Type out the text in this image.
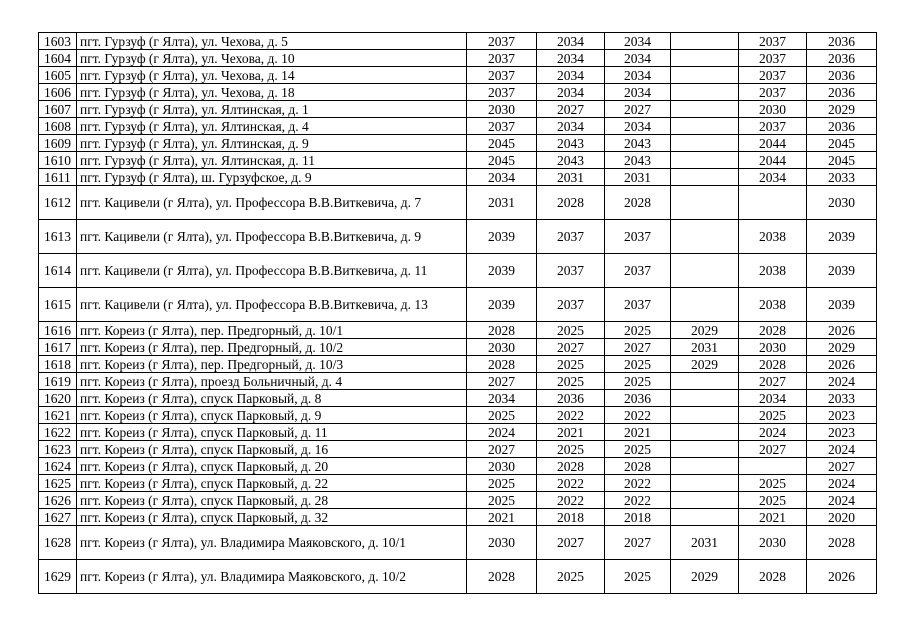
1603	пгт. Гурзуф (г Ялта), ул. Чехова, д. 5	2037	2034	2034		2037	2036
1604	пгт. Гурзуф (г Ялта), ул. Чехова, д. 10	2037	2034	2034		2037	2036
1605	пгт. Гурзуф (г Ялта), ул. Чехова, д. 14	2037	2034	2034		2037	2036
1606	пгт. Гурзуф (г Ялта), ул. Чехова, д. 18	2037	2034	2034		2037	2036
1607	пгт. Гурзуф (г Ялта), ул. Ялтинская, д. 1	2030	2027	2027		2030	2029
1608	пгт. Гурзуф (г Ялта), ул. Ялтинская, д. 4	2037	2034	2034		2037	2036
1609	пгт. Гурзуф (г Ялта), ул. Ялтинская, д. 9	2045	2043	2043		2044	2045
1610	пгт. Гурзуф (г Ялта), ул. Ялтинская, д. 11	2045	2043	2043		2044	2045
1611	пгт. Гурзуф (г Ялта), ш. Гурзуфское, д. 9	2034	2031	2031		2034	2033
1612	пгт. Кацивели (г Ялта), ул. Профессора В.В.Виткевича, д. 7	2031	2028	2028			2030
1613	пгт. Кацивели (г Ялта), ул. Профессора В.В.Виткевича, д. 9	2039	2037	2037		2038	2039
1614	пгт. Кацивели (г Ялта), ул. Профессора В.В.Виткевича, д. 11	2039	2037	2037		2038	2039
1615	пгт. Кацивели (г Ялта), ул. Профессора В.В.Виткевича, д. 13	2039	2037	2037		2038	2039
1616	пгт. Кореиз (г Ялта), пер. Предгорный, д. 10/1	2028	2025	2025	2029	2028	2026
1617	пгт. Кореиз (г Ялта), пер. Предгорный, д. 10/2	2030	2027	2027	2031	2030	2029
1618	пгт. Кореиз (г Ялта), пер. Предгорный, д. 10/3	2028	2025	2025	2029	2028	2026
1619	пгт. Кореиз (г Ялта), проезд Больничный, д. 4	2027	2025	2025		2027	2024
1620	пгт. Кореиз (г Ялта), спуск Парковый, д. 8	2034	2036	2036		2034	2033
1621	пгт. Кореиз (г Ялта), спуск Парковый, д. 9	2025	2022	2022		2025	2023
1622	пгт. Кореиз (г Ялта), спуск Парковый, д. 11	2024	2021	2021		2024	2023
1623	пгт. Кореиз (г Ялта), спуск Парковый, д. 16	2027	2025	2025		2027	2024
1624	пгт. Кореиз (г Ялта), спуск Парковый, д. 20	2030	2028	2028			2027
1625	пгт. Кореиз (г Ялта), спуск Парковый, д. 22	2025	2022	2022		2025	2024
1626	пгт. Кореиз (г Ялта), спуск Парковый, д. 28	2025	2022	2022		2025	2024
1627	пгт. Кореиз (г Ялта), спуск Парковый, д. 32	2021	2018	2018		2021	2020
1628	пгт. Кореиз (г Ялта), ул. Владимира Маяковского, д. 10/1	2030	2027	2027	2031	2030	2028
1629	пгт. Кореиз (г Ялта), ул. Владимира Маяковского, д. 10/2	2028	2025	2025	2029	2028	2026
